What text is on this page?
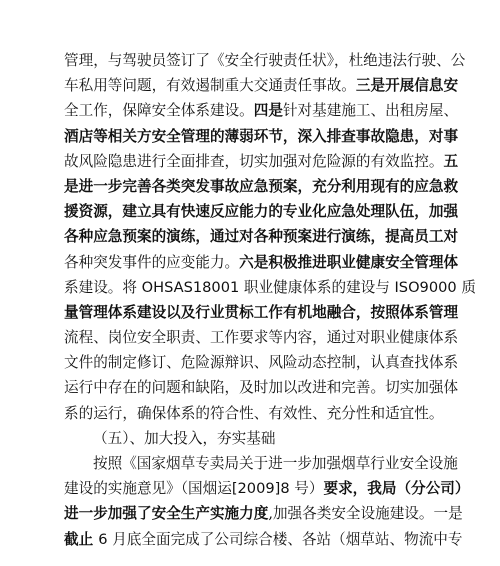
管理，与驾驶员签订了《安全行驶责任状》，杜绝违法行驶、公
车私用等问题，有效遏制重大交通责任事故。三是开展信息安
全工作，保障安全体系建设。四是针对基建施工、出租房屋、
酒店等相关方安全管理的薄弱环节，深入排查事故隐患，对事
故风险隐患进行全面排查，切实加强对危险源的有效监控。五
是进一步完善各类突发事故应急预案，充分利用现有的应急救
援资源，建立具有快速反应能力的专业化应急处理队伍，加强
各种应急预案的演练，通过对各种预案进行演练，提高员工对
各种突发事件的应变能力。六是积极推进职业健康安全管理体
系建设。将 OHSAS18001 职业健康体系的建设与 ISO9000 质
量管理体系建设以及行业贯标工作有机地融合，按照体系管理
流程、岗位安全职责、工作要求等内容，通过对职业健康体系
文件的制定修订、危险源辩识、风险动态控制，认真查找体系
运行中存在的问题和缺陷，及时加以改进和完善。切实加强体
系的运行，确保体系的符合性、有效性、充分性和适宜性。
（五）、加大投入，夯实基础
按照《国家烟草专卖局关于进一步加强烟草行业安全设施
建设的实施意见》（国烟运[2009]8 号）要求，我局（分公司）
进一步加强了安全生产实施力度,加强各类安全设施建设。一是
截止 6 月底全面完成了公司综合楼、各站（烟草站、物流中专
